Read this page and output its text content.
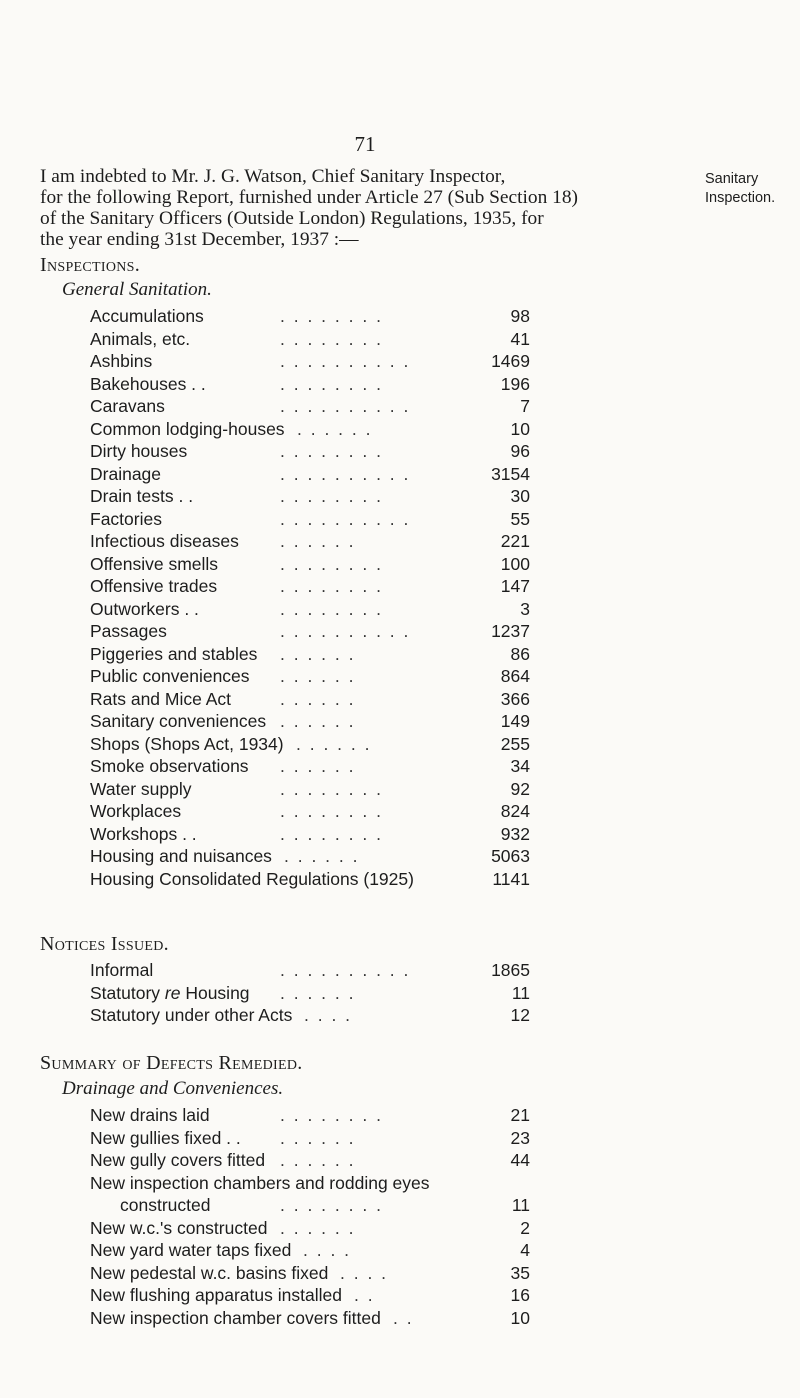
71
Sanitary Inspection.
I am indebted to Mr. J. G. Watson, Chief Sanitary Inspector,
for the following Report, furnished under Article 27 (Sub Section 18)
of the Sanitary Officers (Outside London) Regulations, 1935, for
the year ending 31st December, 1937 :—
Inspections.
General Sanitation.
Accumulations	. . . . . . . .	98
Animals, etc.	. . . . . . . .	41
Ashbins	. . . . . . . . . .	1469
Bakehouses . .	. . . . . . . .	196
Caravans	. . . . . . . . . .	7
Common lodging-houses . . . . . .	10
Dirty houses	. . . . . . . .	96
Drainage	. . . . . . . . . .	3154
Drain tests . .	. . . . . . . .	30
Factories	. . . . . . . . . .	55
Infectious diseases . . . . . .	221
Offensive smells	. . . . . . . .	100
Offensive trades	. . . . . . . .	147
Outworkers . .	. . . . . . . .	3
Passages	. . . . . . . . . .	1237
Piggeries and stables . . . . . .	86
Public conveniences . . . . . .	864
Rats and Mice Act	. . . . . .	366
Sanitary conveniences . . . . . .	149
Shops (Shops Act, 1934) . . . . . .	255
Smoke observations . . . . . .	34
Water supply	. . . . . . . .	92
Workplaces	. . . . . . . .	824
Workshops . .	. . . . . . . .	932
Housing and nuisances . . . . . .	5063
Housing Consolidated Regulations (1925)	1141
Notices Issued.
Informal	. . . . . . . . . .	1865
Statutory re Housing . . . . . .	11
Statutory under other Acts . . . .	12
Summary of Defects Remedied.
Drainage and Conveniences.
New drains laid	. . . . . . . .	21
New gullies fixed . . . . . . . .	23
New gully covers fitted . . . . . .	44
New inspection chambers and rodding eyes
constructed	. . . . . . . .	11
New w.c.'s constructed . . . . . .	2
New yard water taps fixed . . . .	4
New pedestal w.c. basins fixed . . . .	35
New flushing apparatus installed . .	16
New inspection chamber covers fitted . .	10
